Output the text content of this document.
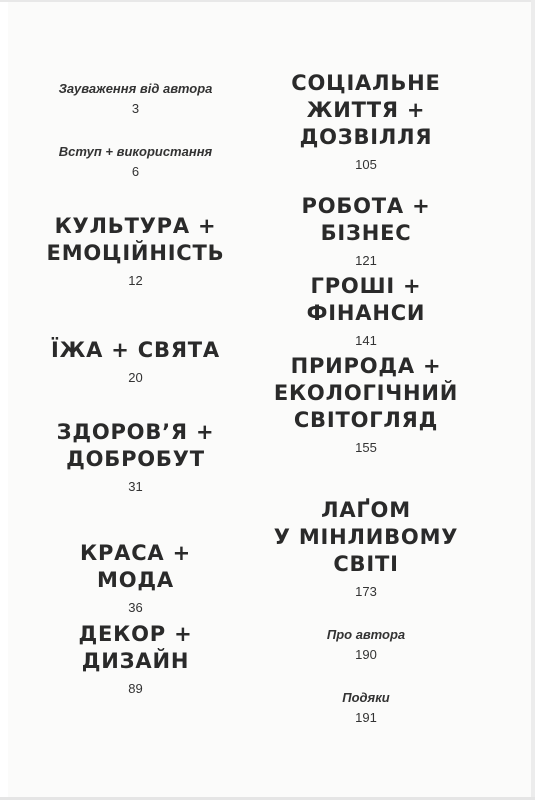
Зауваження від автора
3
Вступ + використання
6
КУЛЬТУРА +
ЕМОЦІЙНІСТЬ
12
ЇЖА + СВЯТА
20
ЗДОРОВ’Я +
ДОБРОБУТ
31
КРАСА + МОДА
36
ДЕКОР +
ДИЗАЙН
89
СОЦІАЛЬНЕ
ЖИТТЯ + ДОЗВІЛЛЯ
105
РОБОТА + БІЗНЕС
121
ГРОШІ + ФІНАНСИ
141
ПРИРОДА +
ЕКОЛОГІЧНИЙ
СВІТОГЛЯД
155
ЛАҐОМ
У МІНЛИВОМУ
СВІТІ
173
Про автора
190
Подяки
191
